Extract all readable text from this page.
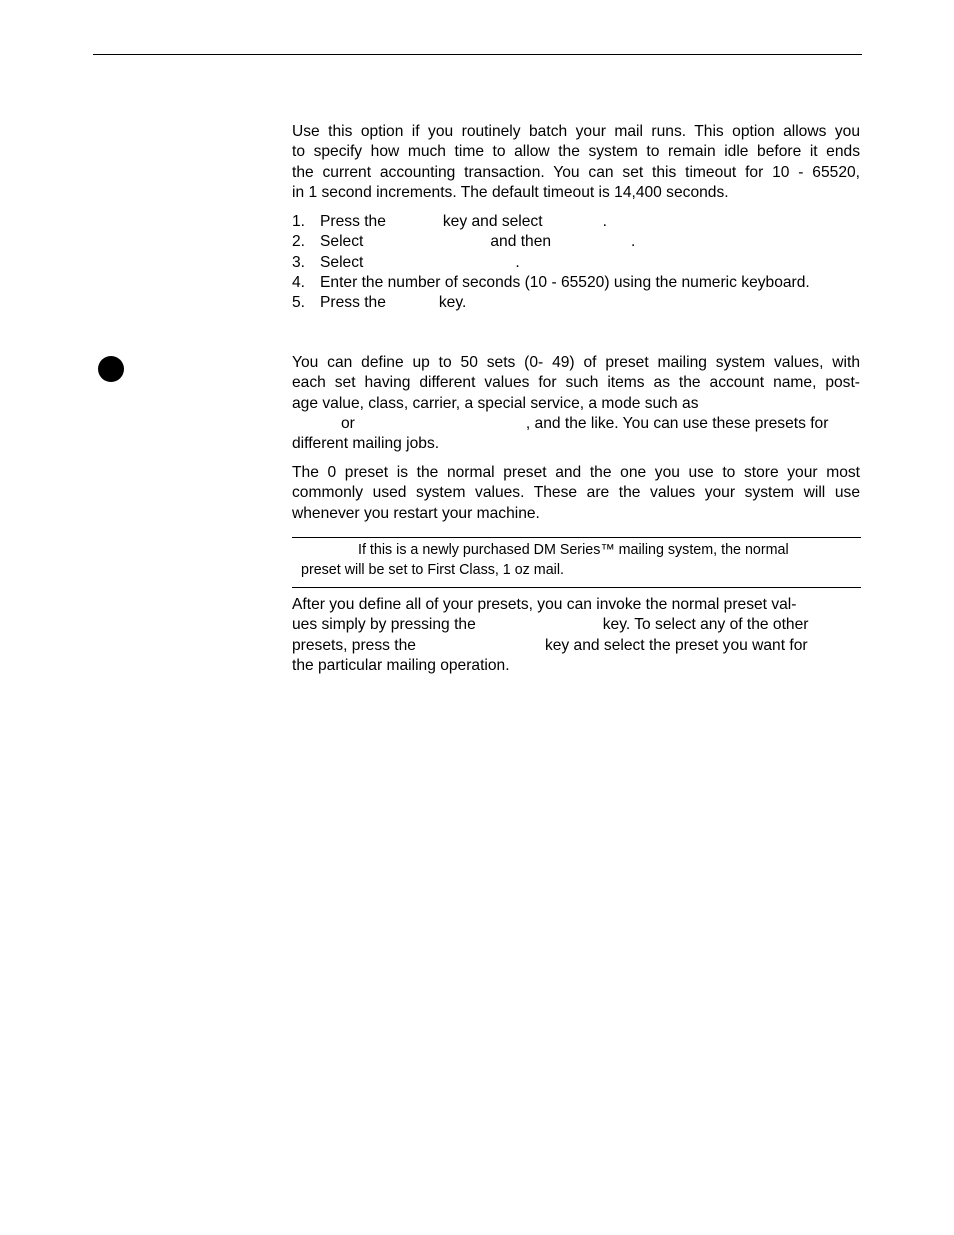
Use this option if you routinely batch your mail runs. This option allows you
to specify how much time to allow the system to remain idle before it ends
the current accounting transaction. You can set this timeout for 10 - 65520,
in 1 second increments. The default timeout is 14,400 seconds.
1. Press the	key and select	.
2. Select	and then	.
3. Select	.
4. Enter the number of seconds (10 - 65520) using the numeric keyboard.
5. Press the	key.
You can define up to 50 sets (0- 49) of preset mailing system values, with
each set having different values for such items as the account name, post-
age value, class, carrier, a special service, a mode such as
or	, and the like. You can use these presets for
different mailing jobs.
The 0 preset is the normal preset and the one you use to store your most
commonly used system values. These are the values your system will use
whenever you restart your machine.
If this is a newly purchased DM Series™ mailing system, the normal
preset will be set to First Class, 1 oz mail.
After you define all of your presets, you can invoke the normal preset val-
ues simply by pressing the	key. To select any of the other
presets, press the	key and select the preset you want for
the particular mailing operation.
